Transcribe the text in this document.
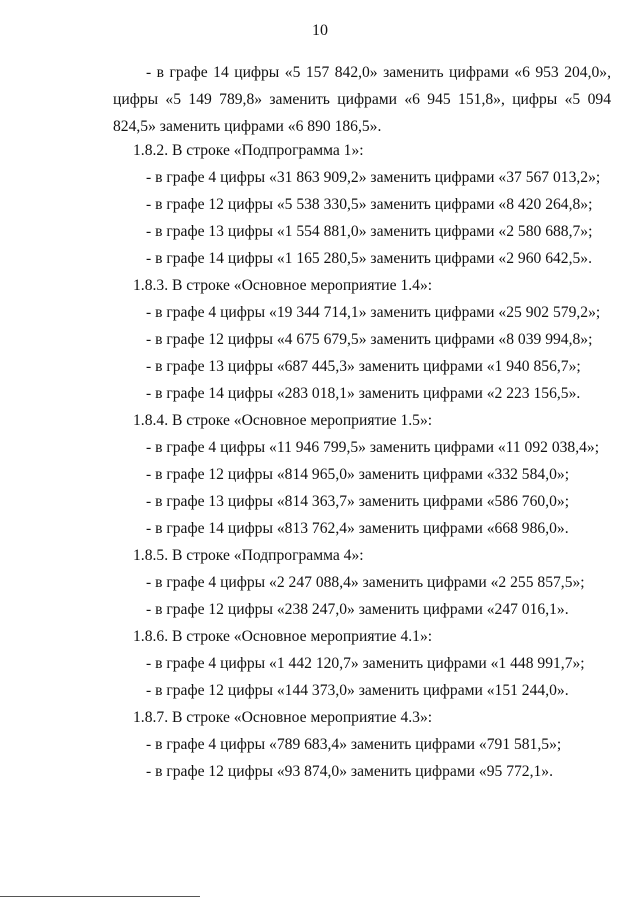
10
- в графе 14 цифры «5 157 842,0» заменить цифрами «6 953 204,0», цифры «5 149 789,8» заменить цифрами «6 945 151,8», цифры «5 094 824,5» заменить цифрами «6 890 186,5».
1.8.2. В строке «Подпрограмма 1»:
- в графе 4 цифры «31 863 909,2» заменить цифрами «37 567 013,2»;
- в графе 12 цифры «5 538 330,5» заменить цифрами «8 420 264,8»;
- в графе 13 цифры «1 554 881,0» заменить цифрами «2 580 688,7»;
- в графе 14 цифры «1 165 280,5» заменить цифрами «2 960 642,5».
1.8.3. В строке «Основное мероприятие 1.4»:
- в графе 4 цифры «19 344 714,1» заменить цифрами «25 902 579,2»;
- в графе 12 цифры «4 675 679,5» заменить цифрами «8 039 994,8»;
- в графе 13 цифры «687 445,3» заменить цифрами «1 940 856,7»;
- в графе 14 цифры «283 018,1» заменить цифрами «2 223 156,5».
1.8.4. В строке «Основное мероприятие 1.5»:
- в графе 4 цифры «11 946 799,5» заменить цифрами «11 092 038,4»;
- в графе 12 цифры «814 965,0» заменить цифрами «332 584,0»;
- в графе 13 цифры «814 363,7» заменить цифрами «586 760,0»;
- в графе 14 цифры «813 762,4» заменить цифрами «668 986,0».
1.8.5. В строке «Подпрограмма 4»:
- в графе 4 цифры «2 247 088,4» заменить цифрами «2 255 857,5»;
- в графе 12 цифры «238 247,0» заменить цифрами «247 016,1».
1.8.6. В строке «Основное мероприятие 4.1»:
- в графе 4 цифры «1 442 120,7» заменить цифрами «1 448 991,7»;
- в графе 12 цифры «144 373,0» заменить цифрами «151 244,0».
1.8.7. В строке «Основное мероприятие 4.3»:
- в графе 4 цифры «789 683,4» заменить цифрами «791 581,5»;
- в графе 12 цифры «93 874,0» заменить цифрами «95 772,1».
